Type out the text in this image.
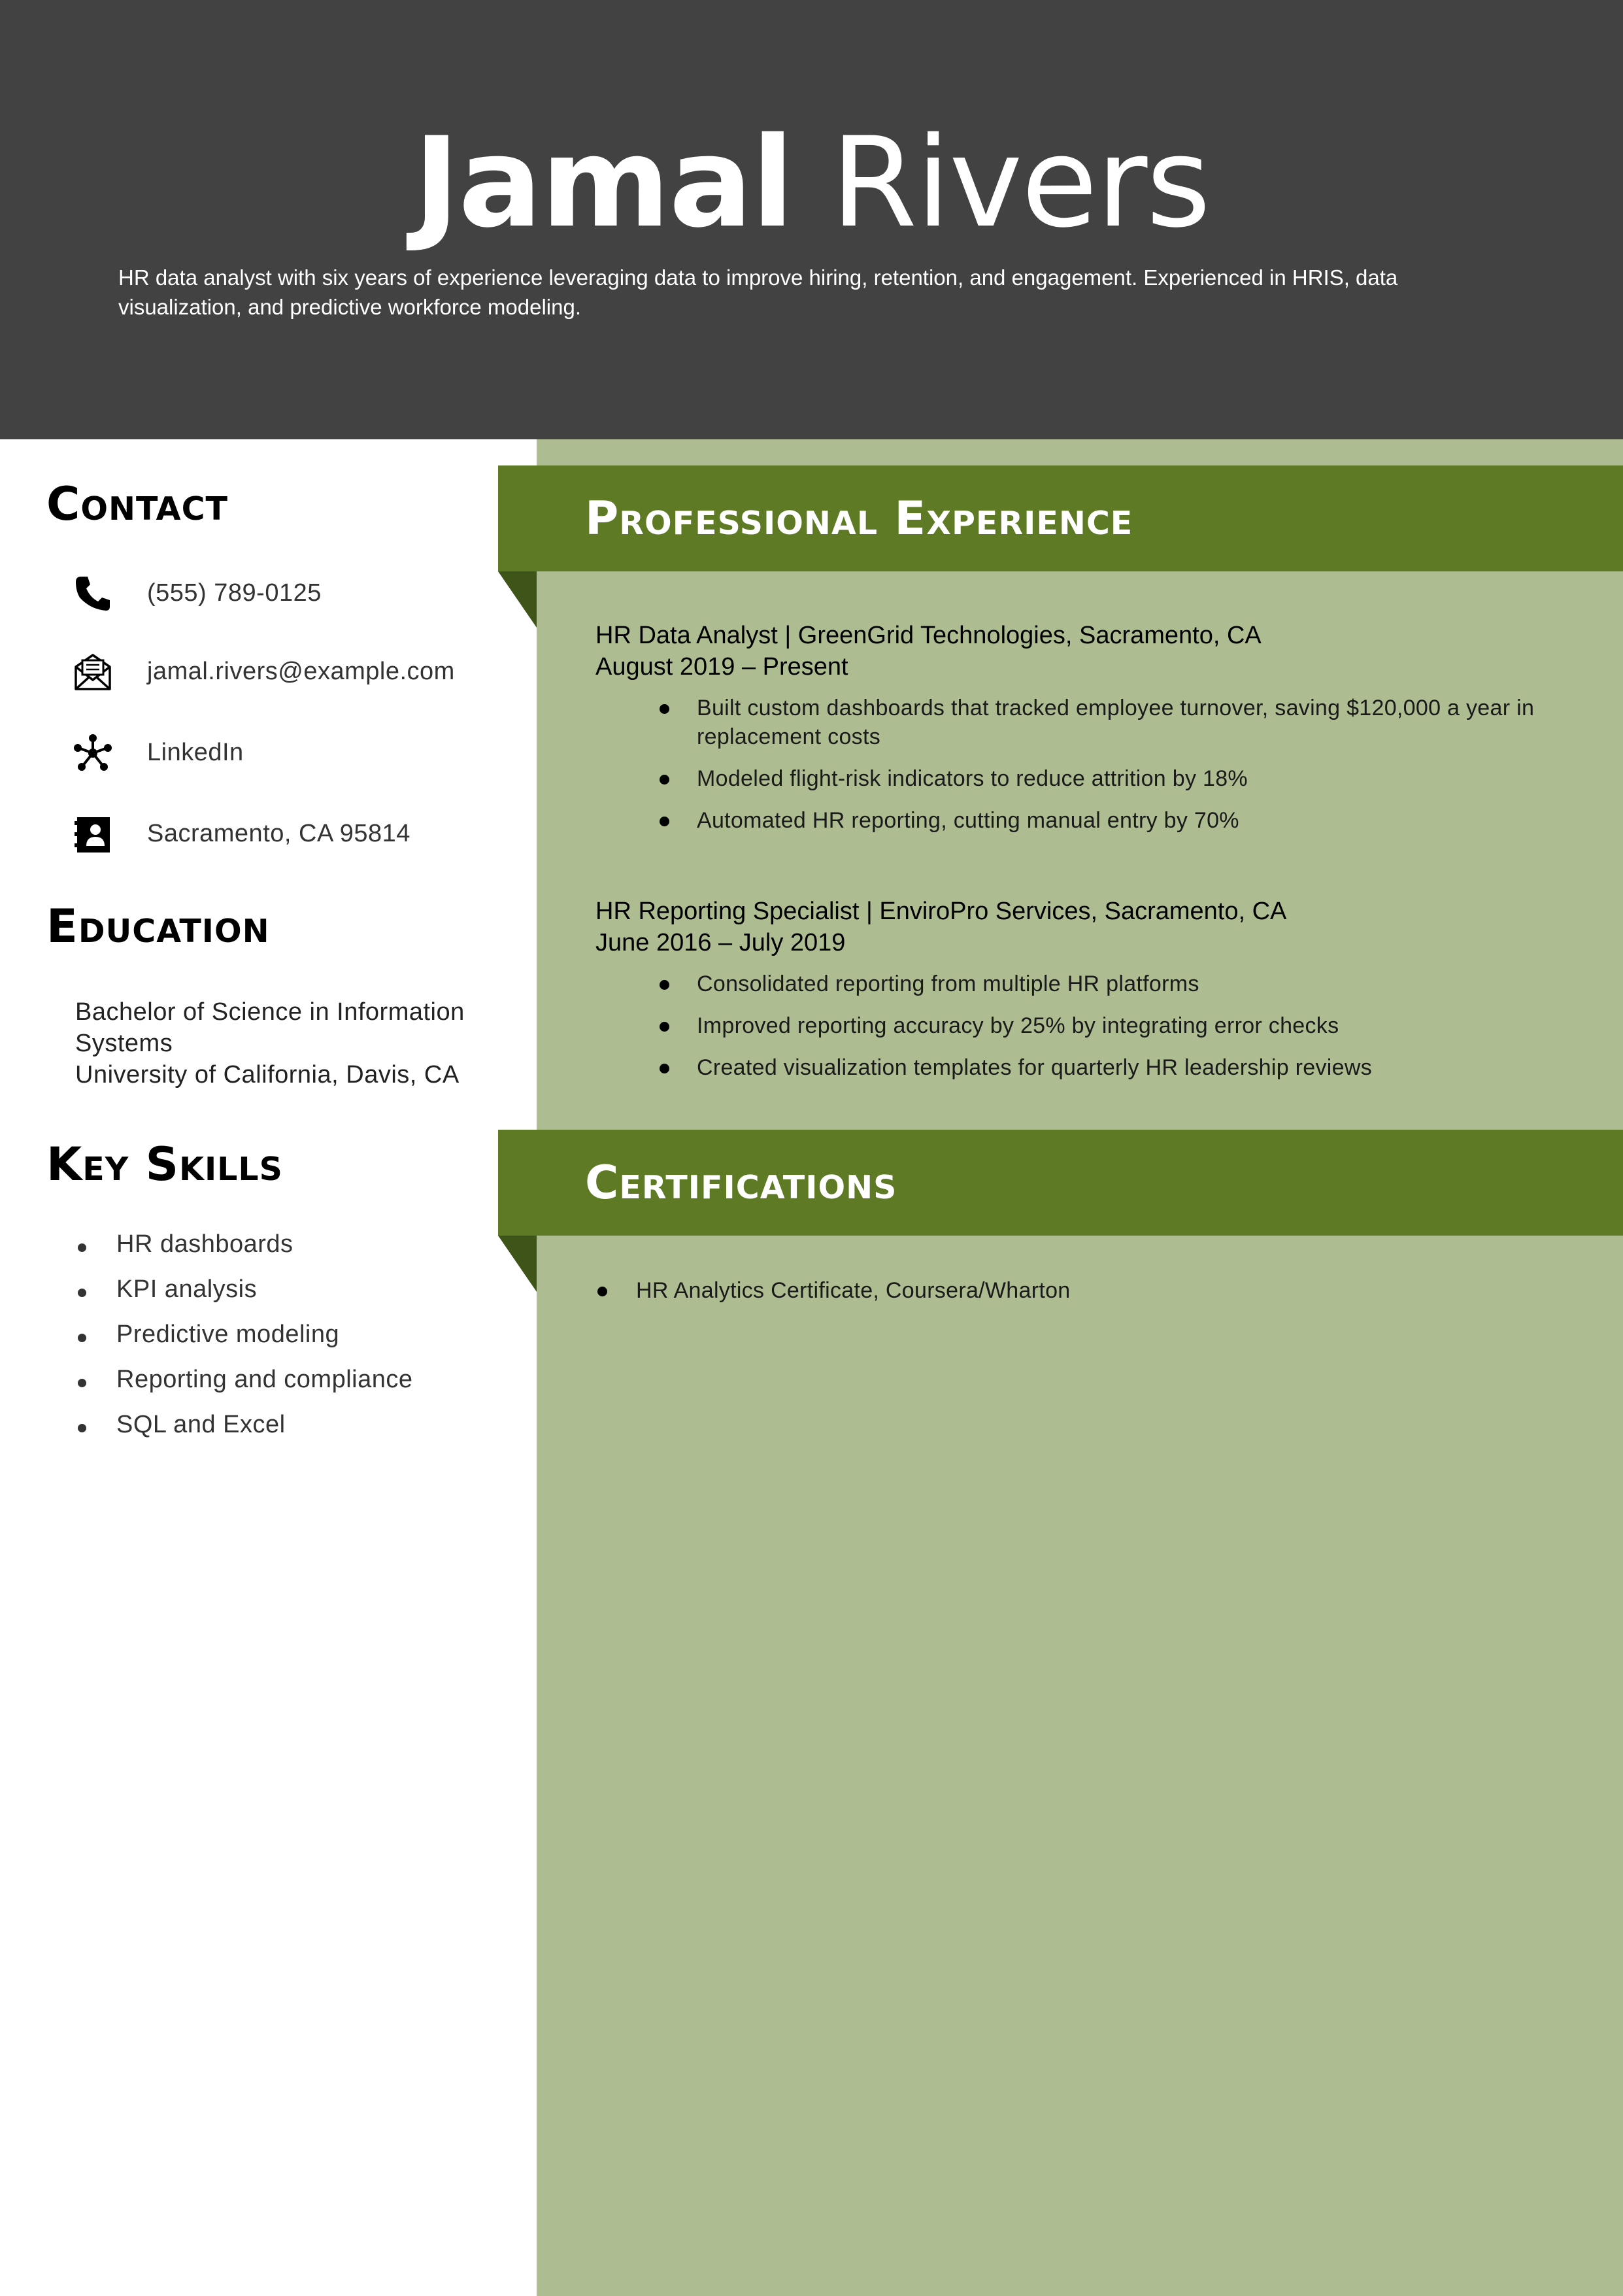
Jamal Rivers
HR data analyst with six years of experience leveraging data to improve hiring, retention, and engagement. Experienced in HRIS, data visualization, and predictive workforce modeling.
Contact
(555) 789-0125
jamal.rivers@example.com
LinkedIn
Sacramento, CA 95814
Education
Bachelor of Science in Information Systems
University of California, Davis, CA
Key Skills
HR dashboards
KPI analysis
Predictive modeling
Reporting and compliance
SQL and Excel
Professional Experience
HR Data Analyst | GreenGrid Technologies, Sacramento, CA
August 2019 – Present
Built custom dashboards that tracked employee turnover, saving $120,000 a year in replacement costs
Modeled flight-risk indicators to reduce attrition by 18%
Automated HR reporting, cutting manual entry by 70%
HR Reporting Specialist | EnviroPro Services, Sacramento, CA
June 2016 – July 2019
Consolidated reporting from multiple HR platforms
Improved reporting accuracy by 25% by integrating error checks
Created visualization templates for quarterly HR leadership reviews
Certifications
HR Analytics Certificate, Coursera/Wharton
